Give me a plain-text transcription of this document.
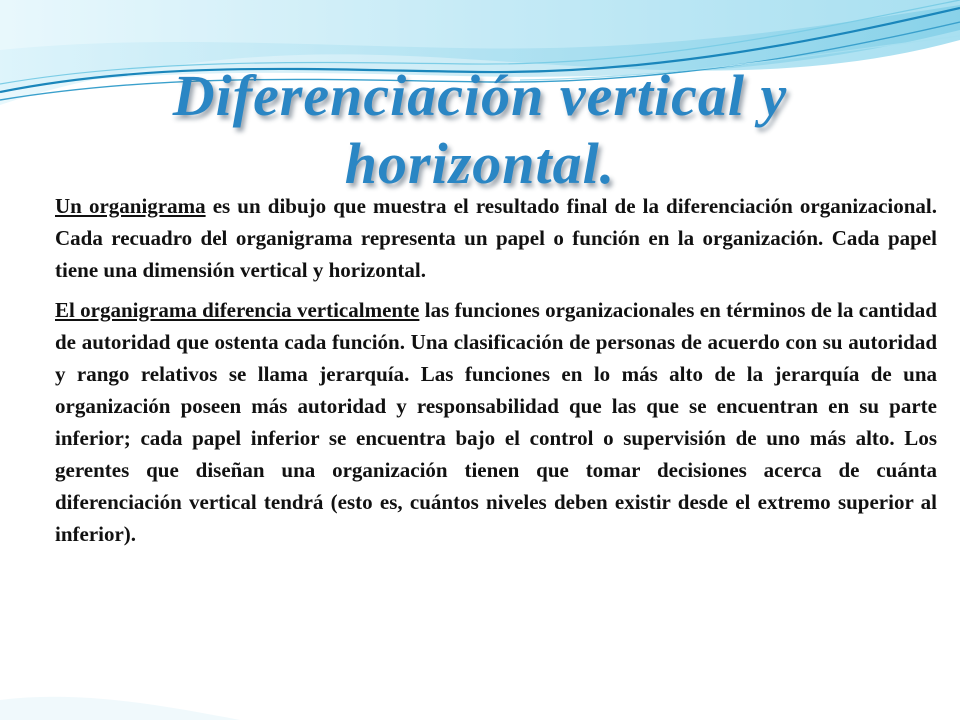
Diferenciación vertical y horizontal.

Un organigrama es un dibujo que muestra el resultado final de la diferenciación organizacional. Cada recuadro del organigrama representa un papel o función en la organización. Cada papel tiene una dimensión vertical y horizontal.

El organigrama diferencia verticalmente las funciones organizacionales en términos de la cantidad de autoridad que ostenta cada función. Una clasificación de personas de acuerdo con su autoridad y rango relativos se llama jerarquía. Las funciones en lo más alto de la jerarquía de una organización poseen más autoridad y responsabilidad que las que se encuentran en su parte inferior; cada papel inferior se encuentra bajo el control o supervisión de uno más alto. Los gerentes que diseñan una organización tienen que tomar decisiones acerca de cuánta diferenciación vertical tendrá (esto es, cuántos niveles deben existir desde el extremo superior al inferior).
